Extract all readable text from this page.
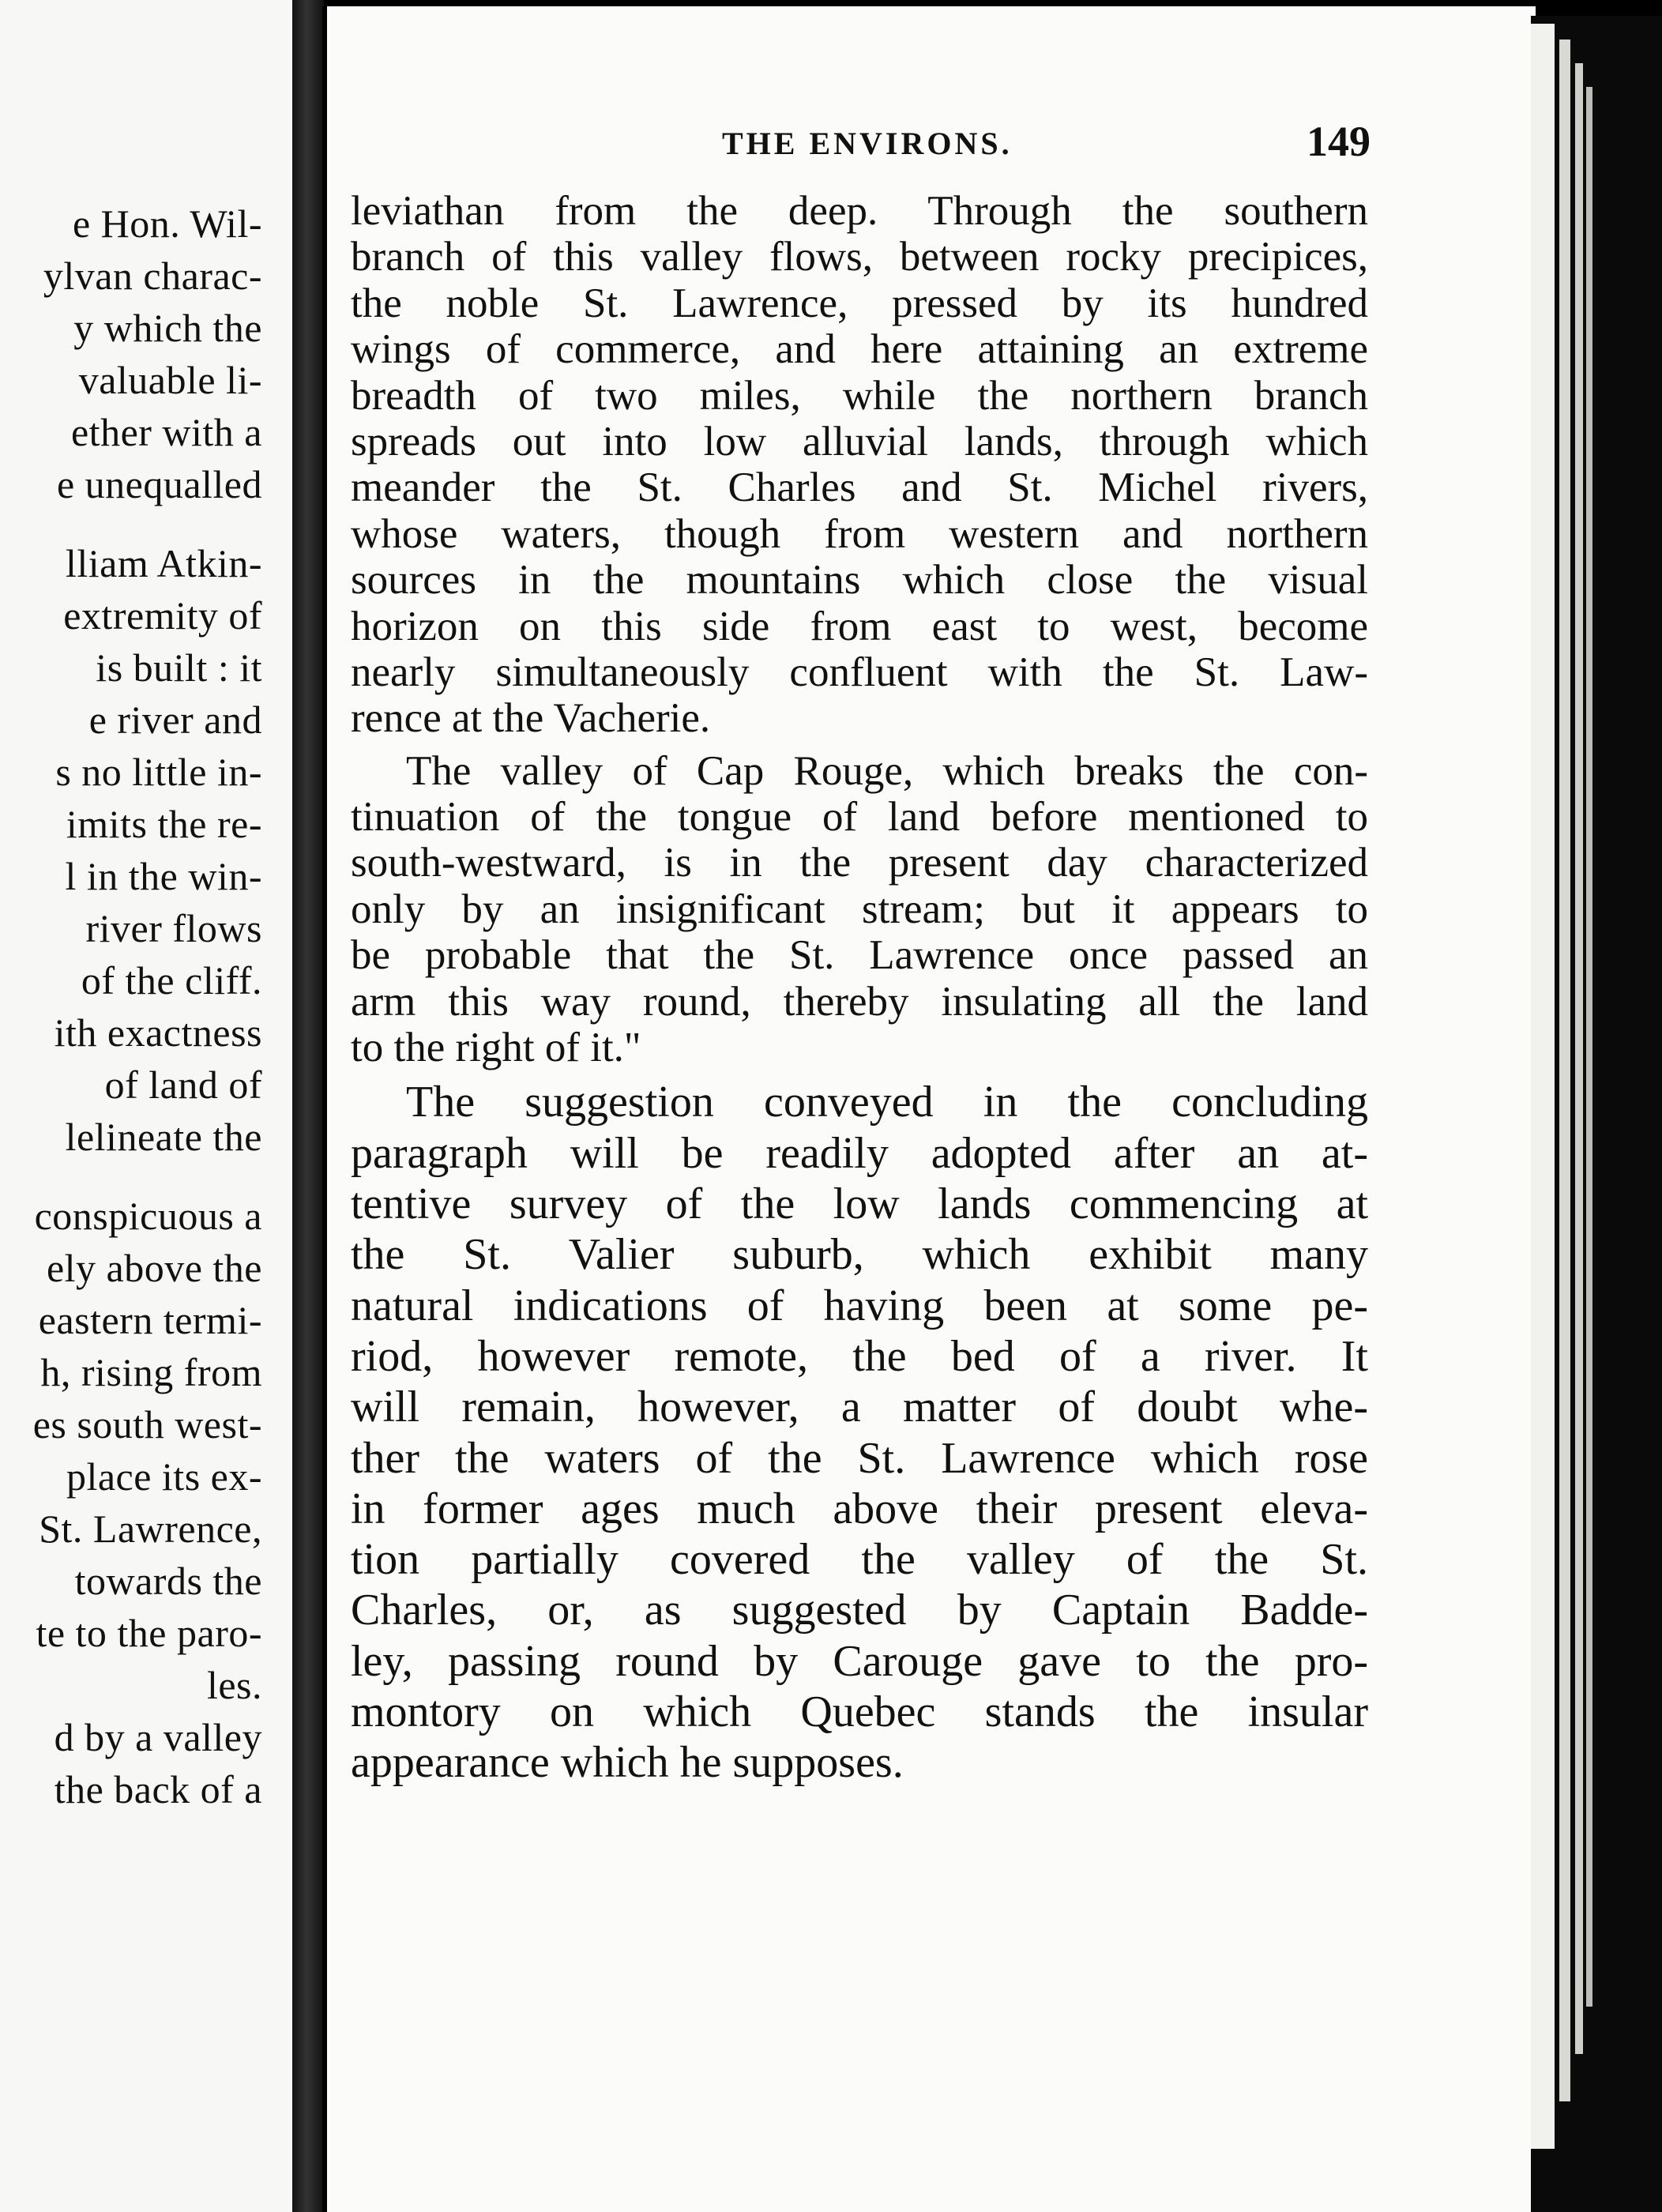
e Hon. Wil-
ylvan charac-
y which the
valuable li-
ether with a
e unequalled
lliam Atkin-
extremity of
is built : it
e river and
s no little in-
imits the re-
l in the win-
river flows
of the cliff.
ith exactness
of land of
lelineate the
conspicuous a
ely above the
eastern termi-
h, rising from
es south west-
place its ex-
St. Lawrence,
towards the
te to the paro-
les.
d by a valley
the back of a
THE ENVIRONS.	149
leviathan from the deep. Through the southern
branch of this valley flows, between rocky precipices,
the noble St. Lawrence, pressed by its hundred
wings of commerce, and here attaining an extreme
breadth of two miles, while the northern branch
spreads out into low alluvial lands, through which
meander the St. Charles and St. Michel rivers,
whose waters, though from western and northern
sources in the mountains which close the visual
horizon on this side from east to west, become
nearly simultaneously confluent with the St. Law-
rence at the Vacherie.
The valley of Cap Rouge, which breaks the con-
tinuation of the tongue of land before mentioned to
south-westward, is in the present day characterized
only by an insignificant stream; but it appears to
be probable that the St. Lawrence once passed an
arm this way round, thereby insulating all the land
to the right of it."
The suggestion conveyed in the concluding
paragraph will be readily adopted after an at-
tentive survey of the low lands commencing at
the St. Valier suburb, which exhibit many
natural indications of having been at some pe-
riod, however remote, the bed of a river. It
will remain, however, a matter of doubt whe-
ther the waters of the St. Lawrence which rose
in former ages much above their present eleva-
tion partially covered the valley of the St.
Charles, or, as suggested by Captain Badde-
ley, passing round by Carouge gave to the pro-
montory on which Quebec stands the insular
appearance which he supposes.
